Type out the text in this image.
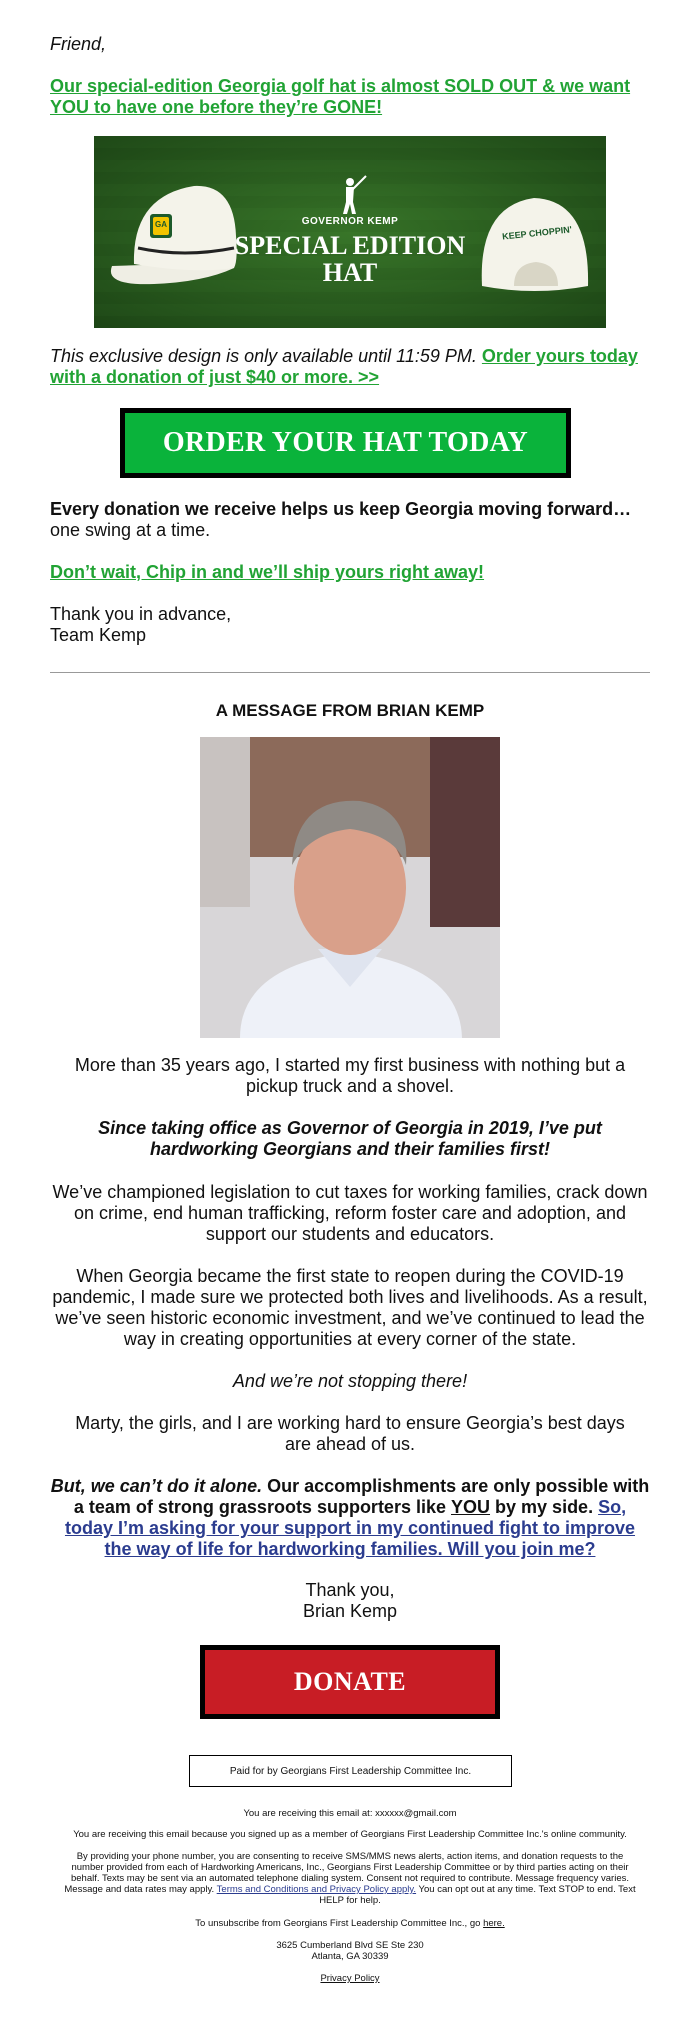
Friend,

Our special-edition Georgia golf hat is almost SOLD OUT & we want YOU to have one before they’re GONE!

GOVERNOR KEMP
SPECIAL EDITION
HAT
KEEP CHOPPIN'
GA

This exclusive design is only available until 11:59 PM. Order yours today with a donation of just $40 or more. >>

ORDER YOUR HAT TODAY

Every donation we receive helps us keep Georgia moving forward…
one swing at a time.

Don’t wait, Chip in and we’ll ship yours right away!

Thank you in advance,
Team Kemp

A MESSAGE FROM BRIAN KEMP

More than 35 years ago, I started my first business with nothing but a pickup truck and a shovel.

Since taking office as Governor of Georgia in 2019, I’ve put hardworking Georgians and their families first!

We’ve championed legislation to cut taxes for working families, crack down on crime, end human trafficking, reform foster care and adoption, and support our students and educators.

When Georgia became the first state to reopen during the COVID-19 pandemic, I made sure we protected both lives and livelihoods. As a result, we’ve seen historic economic investment, and we’ve continued to lead the way in creating opportunities at every corner of the state.

And we’re not stopping there!

Marty, the girls, and I are working hard to ensure Georgia’s best days are ahead of us.

But, we can’t do it alone. Our accomplishments are only possible with a team of strong grassroots supporters like YOU by my side. So, today I’m asking for your support in my continued fight to improve the way of life for hardworking families. Will you join me?

Thank you,
Brian Kemp

DONATE
Paid for by Georgians First Leadership Committee Inc.

You are receiving this email at: xxxxxx@gmail.com

You are receiving this email because you signed up as a member of Georgians First Leadership Committee Inc.'s online community.

By providing your phone number, you are consenting to receive SMS/MMS news alerts, action items, and donation requests to the number provided from each of Hardworking Americans, Inc., Georgians First Leadership Committee or by third parties acting on their behalf. Texts may be sent via an automated telephone dialing system. Consent not required to contribute. Message frequency varies. Message and data rates may apply. Terms and Conditions and Privacy Policy apply. You can opt out at any time. Text STOP to end. Text HELP for help.

To unsubscribe from Georgians First Leadership Committee Inc., go here.

3625 Cumberland Blvd SE Ste 230
Atlanta, GA 30339

Privacy Policy
